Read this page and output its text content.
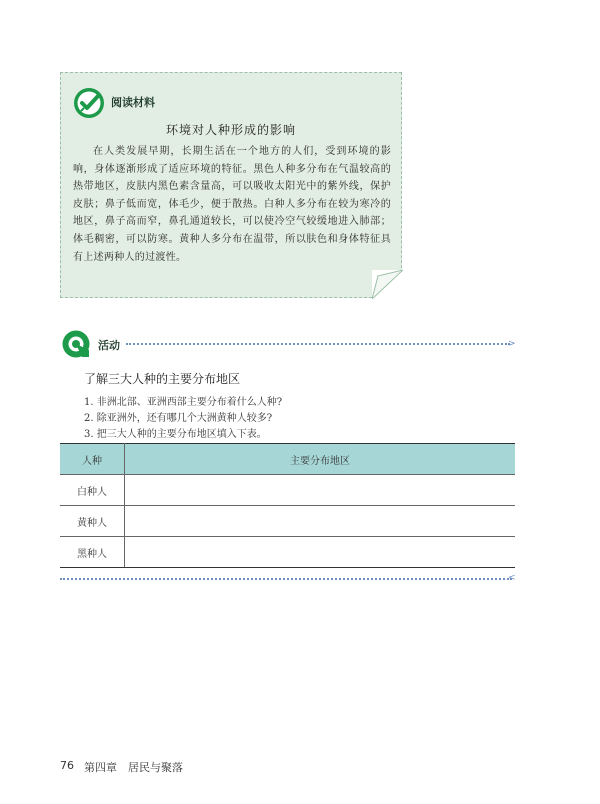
阅读材料
环境对人种形成的影响
在人类发展早期，长期生活在一个地方的人们，受到环境的影响，身体逐渐形成了适应环境的特征。黑色人种多分布在气温较高的热带地区，皮肤内黑色素含量高，可以吸收太阳光中的紫外线，保护皮肤；鼻子低而宽，体毛少，便于散热。白种人多分布在较为寒冷的地区，鼻子高而窄，鼻孔通道较长，可以使冷空气较缓地进入肺部；体毛稠密，可以防寒。黄种人多分布在温带，所以肤色和身体特征具有上述两种人的过渡性。
活动	>
了解三大人种的主要分布地区
1. 非洲北部、亚洲西部主要分布着什么人种?
2. 除亚洲外，还有哪几个大洲黄种人较多?
3. 把三大人种的主要分布地区填入下表。
人种	主要分布地区
白种人	
黄种人	
黑种人	
<
76 第四章　居民与聚落
